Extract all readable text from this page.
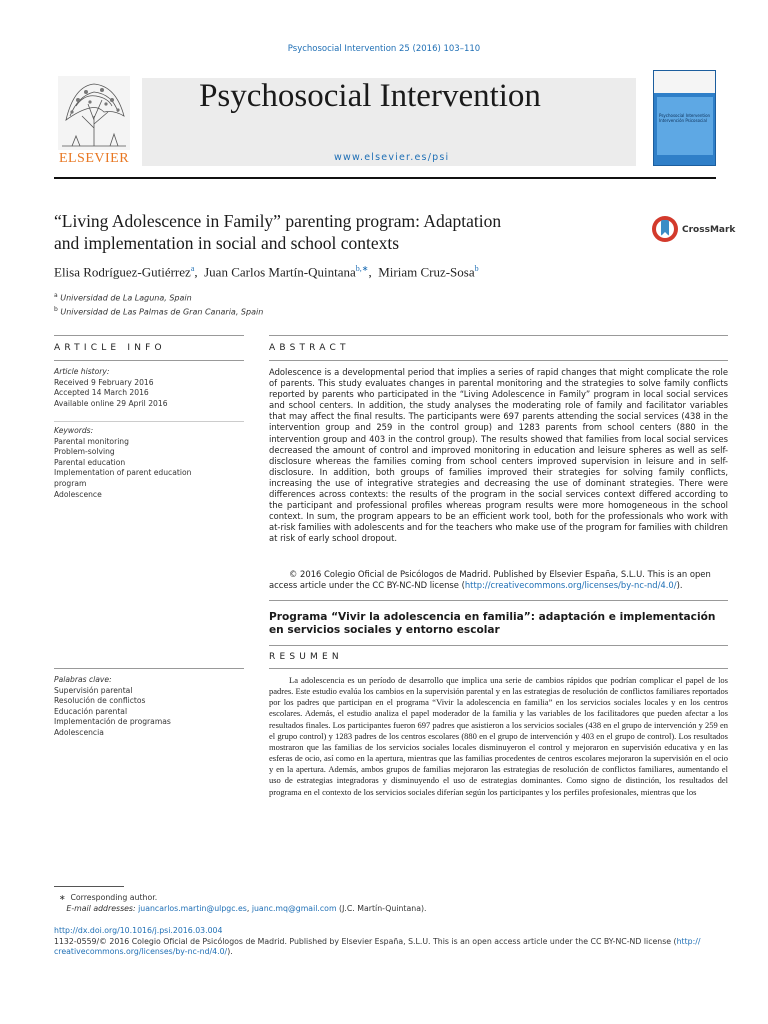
Psychosocial Intervention 25 (2016) 103–110
ELSEVIER
Psychosocial Intervention
www.elsevier.es/psi
Psychosocial Intervention
Intervención Psicosocial
“Living Adolescence in Family” parenting program: Adaptation
and implementation in social and school contexts
CrossMark
Elisa Rodríguez-Gutiérrez$^a$,  Juan Carlos Martín-Quintana$^{b,∗}$,  Miriam Cruz-Sosa$^b$
$^a$ Universidad de La Laguna, Spain
$^b$ Universidad de Las Palmas de Gran Canaria, Spain
ARTICLE INFO	ABSTRACT
Article history:
Received 9 February 2016
Accepted 14 March 2016
Available online 29 April 2016
Keywords:
Parental monitoring
Problem-solving
Parental education
Implementation of parent education
program
Adolescence
Palabras clave:
Supervisión parental
Resolución de conflictos
Educación parental
Implementación de programas
Adolescencia
Adolescence is a developmental period that implies a series of rapid changes that might complicate the role of parents. This study evaluates changes in parental monitoring and the strategies to solve family conflicts reported by parents who participated in the “Living Adolescence in Family” program in local social services and school centers. In addition, the study analyses the moderating role of family and facilitator variables that may affect the final results. The participants were 697 parents attending the social services (438 in the intervention group and 259 in the control group) and 1283 parents from school centers (880 in the intervention group and 403 in the control group). The results showed that families from local social services decreased the amount of control and improved monitoring in education and leisure spheres as well as self-disclosure whereas the families coming from school centers improved supervision in leisure and in self-disclosure. In addition, both groups of families improved their strategies for solving family conflicts, increasing the use of integrative strategies and decreasing the use of dominant strategies. There were differences across contexts: the results of the program in the social services context differed according to the participant and professional profiles whereas program results were more homogeneous in the school context. In sum, the program appears to be an efficient work tool, both for the professionals who work with at-risk families with adolescents and for the teachers who make use of the program for families with children at risk of early school dropout.
© 2016 Colegio Oficial de Psicólogos de Madrid. Published by Elsevier España, S.L.U. This is an open access article under the CC BY-NC-ND license (http://creativecommons.org/licenses/by-nc-nd/4.0/).
Programa “Vivir la adolescencia en familia”: adaptación e implementación
en servicios sociales y entorno escolar
RESUMEN
La adolescencia es un período de desarrollo que implica una serie de cambios rápidos que podrían complicar el papel de los padres. Este estudio evalúa los cambios en la supervisión parental y en las estrategias de resolución de conflictos familiares reportados por los padres que participan en el programa “Vivir la adolescencia en familia” en los servicios sociales locales y en los centros escolares. Además, el estudio analiza el papel moderador de la familia y las variables de los facilitadores que pueden afectar a los resultados finales. Los participantes fueron 697 padres que asistieron a los servicios sociales (438 en el grupo de intervención y 259 en el grupo control) y 1283 padres de los centros escolares (880 en el grupo de intervención y 403 en el grupo de control). Los resultados mostraron que las familias de los servicios sociales locales disminuyeron el control y mejoraron en supervisión educativa y en las esferas de ocio, así como en la apertura, mientras que las familias procedentes de centros escolares mejoraron la supervisión en el ocio y en la apertura. Además, ambos grupos de familias mejoraron las estrategias de resolución de conflictos familiares, aumentando el uso de estrategias integradoras y disminuyendo el uso de estrategias dominantes. Como signo de distinción, los resultados del programa en el contexto de los servicios sociales diferían según los participantes y los perfiles profesionales, mientras que los
∗  Corresponding author.
E-mail addresses: juancarlos.martin@ulpgc.es, juanc.mq@gmail.com (J.C. Martín-Quintana).
http://dx.doi.org/10.1016/j.psi.2016.03.004
1132-0559/© 2016 Colegio Oficial de Psicólogos de Madrid. Published by Elsevier España, S.L.U. This is an open access article under the CC BY-NC-ND license (http://
creativecommons.org/licenses/by-nc-nd/4.0/).
